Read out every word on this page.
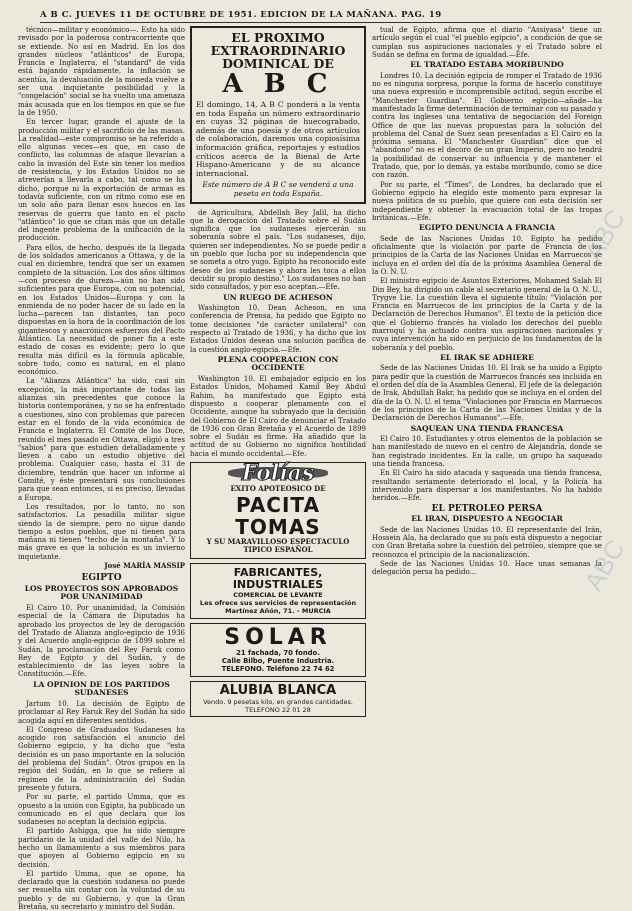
A B C. JUEVES 11 DE OCTUBRE DE 1951. EDICION DE LA MAÑANA. PAG. 19

técnico—militar y económico—. Esto ha sido revisado por la poderosa contracorriente que se extiende. No así en Madrid. En los dos grandes núcleos "atlánticos" de Europa, Francia e Inglaterra, el "standard" de vida está bajando rápidamente, la inflación se acentúa, la devaluación de la moneda vuelve a ser una inquietante posibilidad y la "congelación" social se ha vuelto una amenaza más acusada que en los tiempos en que se fue la de 1950.

En tercer lugar, grande el ajuste de la producción militar y el sacrificio de las masas. La realidad—este compromiso se ha referido a ello algunas veces—es que, en caso de conflicto, las columnas de ataque llevarían a cabo la invasión del Este sin tener los medios de resistencia, y los Estados Unidos no se atreverían a llevarla a cabo, tal como se ha dicho, porque ni la exportación de armas es todavía suficiente, con un ritmo como ese en un solo año para llenar esos huecos en las reservas de guerra que tanto en el pacto "atlántico" lo que se citan más que un detalle del ingente problema de la unificación de la producción.

Para ellos, de hecho, después de la llegada de los soldados americanos a Ottawa, y de la cual en diciembre, tendrá que ser un examen completo de la situación. Los dos años últimos—con proceso de dureza—aún no han sido suficientes para que Europa, con su potencial, en los Estados Unidos—Europa y con la enmienda de no poder hacer de su lado en la lucha—parecen tan distantes, tan poco dispuestas en la hora de la coordinación de los gigantescos y anacrónicos esfuerzos del Pacto Atlántico. La necesidad de poner fin a este estado de cosas es evidente; pero lo que resulta más difícil es la fórmula aplicable, sobre todo, como es natural, en el plano económico.

La "Alianza Atlántica" ha sido, casi sin excepción, la más importante de todas las alianzas sin precedentes que conoce la historia contemporánea, y no se ha enfrentado a cuestiones, sino con problemas que parecen estar en el fondo de la vida económica de Francia e Inglaterra. El Comité de los Doce, reunido el mes pasado en Ottawa, eligió a tres "sabios" para que estudien detalladamente y lleven a cabo un estudio objetivo del problema. Cualquier caso, hasta el 31 de diciembre, tendrán que hacer un informe al Comité, y éste presentará sus conclusiones para que sean entonces, si es preciso, llevadas a Europa.

Los resultados, por lo tanto, no son satisfactorios. La pesadilla militar sigue siendo la de siempre, pero no sigue dando tiempo a estos pueblos, que ni tienen para mañana ni tienen "techo de la montaña". Y lo más grave es que la solución es un invierno inquietante.

José MARÍA MASSIP
EGIPTO
LOS PROYECTOS SON APROBADOS POR UNANIMIDAD

El Cairo 10. Por unanimidad, la Comisión especial de la Cámara de Diputados ha aprobado los proyectos de ley de derogación del Tratado de Alianza anglo-egipcio de 1936 y del Acuerdo anglo-egipcio de 1899 sobre el Sudán, la proclamación del Rey Faruk como Rey de Egipto y del Sudán, y de establecimiento de las leyes sobre la Constitución.—Efe.

LA OPINION DE LOS PARTIDOS SUDANESES

Jartum 10. La decisión de Egipto de proclamar al Rey Faruk Rey del Sudán ha sido acogida aquí en diferentes sentidos.

El Congreso de Graduados Sudaneses ha acogido con satisfacción el anuncio del Gobierno egipcio, y ha dicho que "esta decisión es un paso importante en la solución del problema del Sudán". Otros grupos en la región del Sudán, en lo que se refiere al régimen de la administración del Sudán presente y futura.

Por su parte, el partido Umma, que es opuesto a la unión con Egipto, ha publicado un comunicado en el que declara que los sudaneses no aceptan la decisión egipcia.

El partido Ashigga, que ha sido siempre partidario de la unidad del valle del Nilo, ha hecho un llamamiento a sus miembros para que apoyen al Gobierno egipcio en su decisión.

El partido Umma, que se opone, ha declarado que la cuestión sudanesa no puede ser resuelta sin contar con la voluntad de su pueblo y de su Gobierno, y que la Gran Bretaña, su secretario y ministro del Sudán.

EL PROXIMO EXTRAORDINARIO DOMINICAL DE
A B C
El domingo, 14, A B C ponderá a la venta en toda España un número extraordinario en cuyas 32 páginas de huecograbado, además de una poesía y de otros artículos de colaboración, daremos una copiosísima información gráfica, reportajes y estudios críticos acerca de la Bienal de Arte Hispano-Americano y de su alcance internacional.
Este número de A B C se venderá a una peseta en toda España.

de Agricultura, Abdellah Bey Jalil, ha dicho que la derogación del Tratado sobre el Sudán significa que los sudaneses ejercerán su soberanía sobre el país. "Los sudaneses, dijo, quieren ser independientes. No se puede pedir a un pueblo que lucha por su independencia que se someta a otro yugo. Egipto ha reconocido este deseo de los sudaneses y ahora les toca a ellos decidir su propio destino." Los sudaneses no han sido consultados, y por eso aceptan.—Efe.

UN RUEGO DE ACHESON

Washington 10. Dean Acheson, en una conferencia de Prensa, ha pedido que Egipto no tome decisiones "de carácter unilateral" con respecto al Tratado de 1936, y ha dicho que los Estados Unidos desean una solución pacífica de la cuestión anglo-egipcia.—Efe.

PLENA COOPERACION CON OCCIDENTE

Washington 10. El embajador egipcio en los Estados Unidos, Mohamed Kamil Bey Abdul Rahim, ha manifestado que Egipto está dispuesto a cooperar plenamente con el Occidente, aunque ha subrayado que la decisión del Gobierno de El Cairo de denunciar el Tratado de 1936 con Gran Bretaña y el Acuerdo de 1899 sobre el Sudán es firme. Ha añadido que la actitud de su Gobierno no significa hostilidad hacia el mundo occidental.—Efe.

Folías
EXITO APOTEOSICO DE
PACITA TOMAS
Y SU MARAVILLOSO ESPECTACULO TIPICO ESPAÑOL
FABRICANTES, INDUSTRIALES
COMERCIAL DE LEVANTE
Les ofrece sus servicios de representación
Martínez Añón, 71. - MURCIA
SOLAR
21 fachada, 70 fondo.
Calle Bilbo, Puente Industria.
TELEFONO. Teléfono 22 74 62
ALUBIA BLANCA
Vendo, 9 pesetas kilo, en grandes cantidades.
TELEFONO 22 01 28

tual de Egipto, afirma que el diario "Assiyasa" tiene un artículo según el cual "el pueblo egipcio", a condición de que se cumplan sus aspiraciones nacionales y el Tratado sobre el Sudán se defina en forma de igualdad.—Efe.

EL TRATADO ESTABA MORIBUNDO

Londres 10. La decisión egipcia de romper el Tratado de 1936 no es ninguna sorpresa, porque la forma de hacerlo constituye una nueva expresión e incomprensible actitud, según escribe el "Manchester Guardian". El Gobierno egipcio—añade—ha manifestado la firme determinación de terminar con su pasado y contra los ingleses una tentativa de negociación del Foreign Office de que las nuevas propuestas para la solución del problema del Canal de Suez sean presentadas a El Cairo en la próxima semana. El "Manchester Guardian" dice que el "abandono" no es el decoro de un gran Imperio, pero no tendrá la posibilidad de conservar su influencia y de mantener el Tratado, que, por lo demás, ya estaba moribundo, como se dice con razón.

Por su parte, el "Times", de Londres, ha declarado que el Gobierno egipcio ha elegido este momento para expresar la nueva política de su pueblo, que quiere con esta decisión ser independiente y obtener la evacuación total de las tropas británicas.—Efe.

EGIPTO DENUNCIA A FRANCIA

Sede de las Naciones Unidas 10. Egipto ha pedido oficialmente que la violación por parte de Francia de los principios de la Carta de las Naciones Unidas en Marruecos se incluya en el orden del día de la próxima Asamblea General de la O. N. U.

El ministro egipcio de Asuntos Exteriores, Mohamed Salah El Din Bey, ha dirigido un cable al secretario general de la O. N. U., Trygve Lie. La cuestión lleva el siguiente título: "Violación por Francia en Marruecos de los principios de la Carta y de la Declaración de Derechos Humanos". El texto de la petición dice que el Gobierno francés ha violado los derechos del pueblo marroquí y ha actuado contra sus aspiraciones nacionales y cuya intervención ha sido en perjuicio de los fundamentos de la soberanía y del pueblo.

EL IRAK SE ADHIERE

Sede de las Naciones Unidas 10. El Irak se ha unido a Egipto para pedir que la cuestión de Marruecos francés sea incluida en el orden del día de la Asamblea General. El jefe de la delegación de Irak, Abdullah Bakr, ha pedido que se incluya en el orden del día de la O. N. U. el tema "Violaciones por Francia en Marruecos de los principios de la Carta de las Naciones Unidas y de la Declaración de Derechos Humanos".—Efe.

SAQUEAN UNA TIENDA FRANCESA

El Cairo 10. Estudiantes y otros elementos de la población se han manifestado de nuevo en el centro de Alejandría, donde se han registrado incidentes. En la calle, un grupo ha saqueado una tienda francesa.

En El Cairo ha sido atacada y saqueada una tienda francesa, resultando seriamente deteriorado el local, y la Policía ha intervenido para dispersar a los manifestantes. No ha habido heridos.—Efe.

EL PETROLEO PERSA
EL IRAN, DISPUESTO A NEGOCIAR

Sede de las Naciones Unidas 10. El representante del Irán, Hossein Ala, ha declarado que su país está dispuesto a negociar con Gran Bretaña sobre la cuestión del petróleo, siempre que se reconozca el principio de la nacionalización.

Sede de las Naciones Unidas 10. Hace unas semanas la delegación persa ha pedido...

ABC
ABC
